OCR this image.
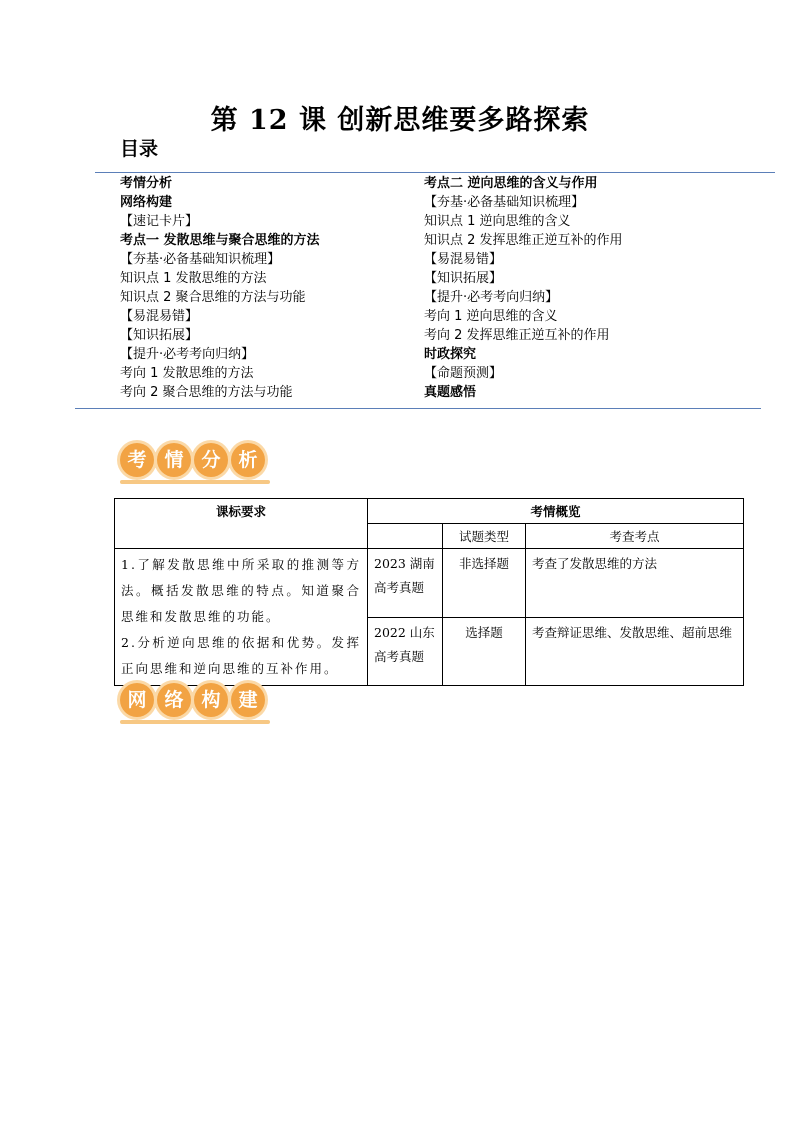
第 12 课 创新思维要多路探索
目录
考情分析
网络构建
【速记卡片】
考点一 发散思维与聚合思维的方法
【夯基·必备基础知识梳理】
知识点 1 发散思维的方法
知识点 2 聚合思维的方法与功能
【易混易错】
【知识拓展】
【提升·必考考向归纳】
考向 1 发散思维的方法
考向 2 聚合思维的方法与功能
考点二 逆向思维的含义与作用
【夯基·必备基础知识梳理】
知识点 1 逆向思维的含义
知识点 2 发挥思维正逆互补的作用
【易混易错】
【知识拓展】
【提升·必考考向归纳】
考向 1 逆向思维的含义
考向 2 发挥思维正逆互补的作用
时政探究
【命题预测】
真题感悟
考 情 分 析
课标要求	考情概览		
		试题类型	考查考点

1.了解发散思维中所采取的推测等方法。概括发散思维的特点。知道聚合思维和发散思维的功能。
2.分析逆向思维的依据和优势。发挥正向思维和逆向思维的互补作用。	2023 湖南高考真题	非选择题	考查了发散思维的方法
	2022 山东高考真题	选择题	考查辩证思维、发散思维、超前思维
网 络 构 建
